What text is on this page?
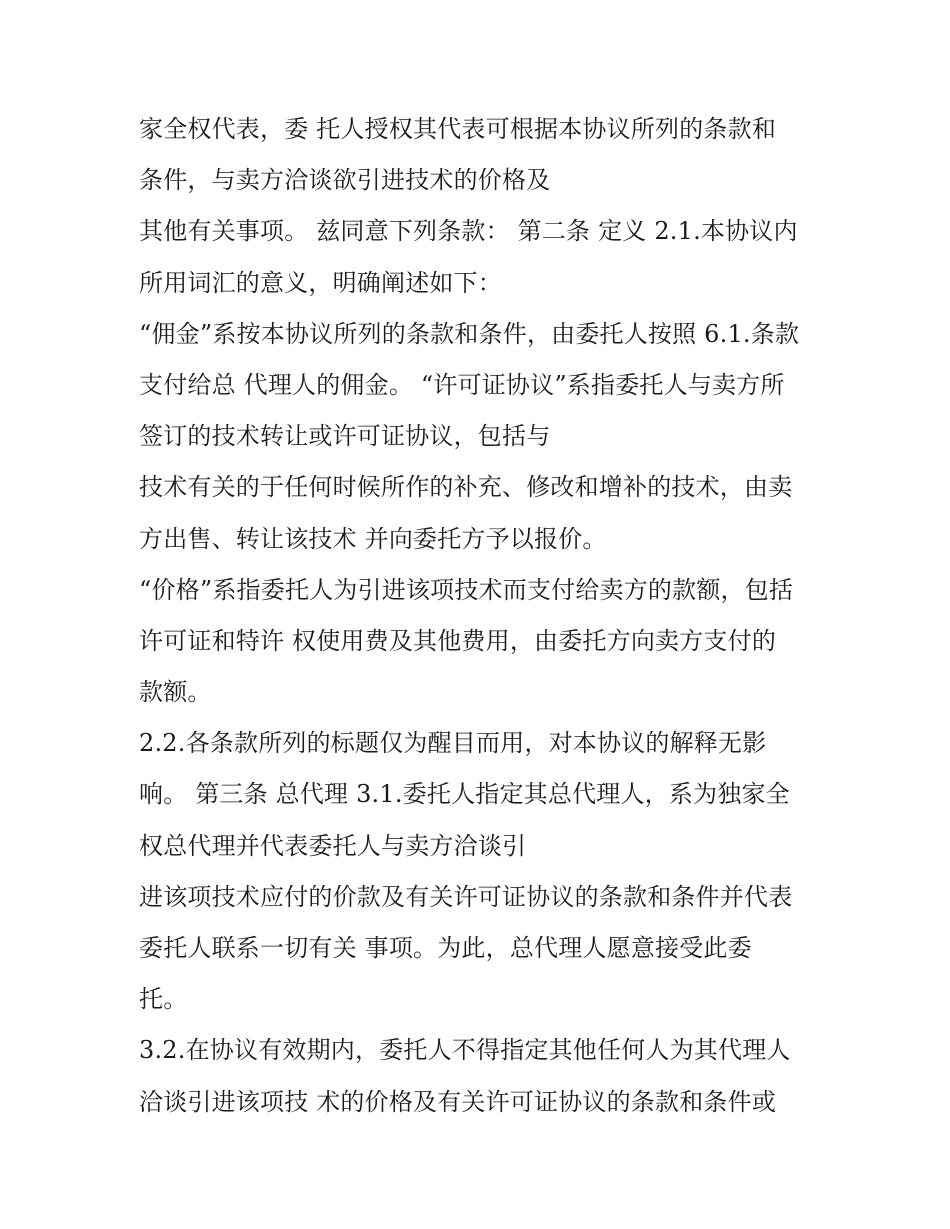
家全权代表，委 托人授权其代表可根据本协议所列的条款和
条件，与卖方洽谈欲引进技术的价格及
其他有关事项。 兹同意下列条款： 第二条 定义 2.1.本协议内
所用词汇的意义，明确阐述如下：
“佣金”系按本协议所列的条款和条件，由委托人按照 6.1.条款
支付给总 代理人的佣金。 “许可证协议”系指委托人与卖方所
签订的技术转让或许可证协议，包括与
技术有关的于任何时候所作的补充、修改和增补的技术，由卖
方出售、转让该技术 并向委托方予以报价。
“价格”系指委托人为引进该项技术而支付给卖方的款额，包括
许可证和特许 权使用费及其他费用，由委托方向卖方支付的
款额。
2.2.各条款所列的标题仅为醒目而用，对本协议的解释无影
响。 第三条 总代理 3.1.委托人指定其总代理人，系为独家全
权总代理并代表委托人与卖方洽谈引
进该项技术应付的价款及有关许可证协议的条款和条件并代表
委托人联系一切有关 事项。为此，总代理人愿意接受此委
托。
3.2.在协议有效期内，委托人不得指定其他任何人为其代理人
洽谈引进该项技 术的价格及有关许可证协议的条款和条件或
